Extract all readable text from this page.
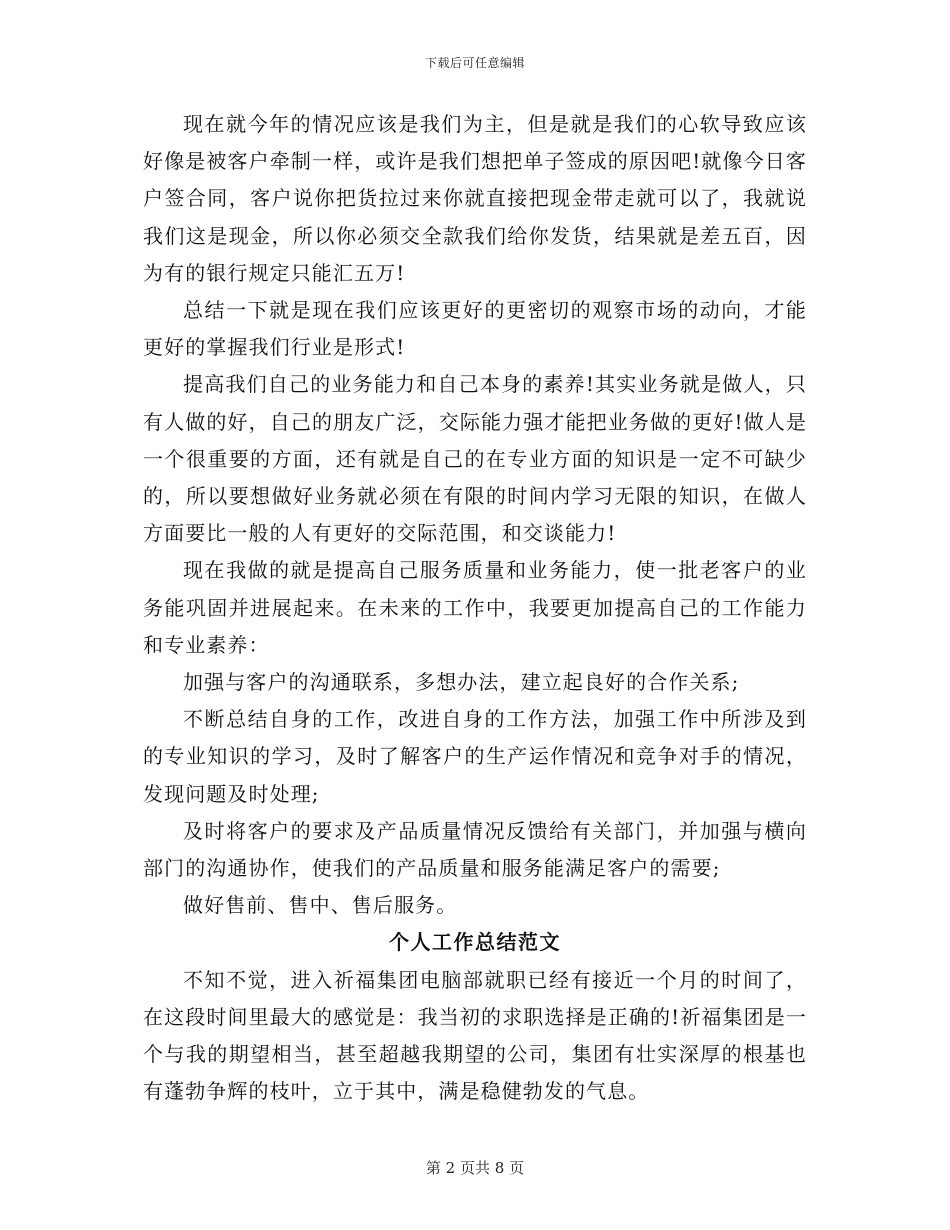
下载后可任意编辑

现在就今年的情况应该是我们为主，但是就是我们的心软导致应该好像是被客户牵制一样，或许是我们想把单子签成的原因吧!就像今日客户签合同，客户说你把货拉过来你就直接把现金带走就可以了，我就说我们这是现金，所以你必须交全款我们给你发货，结果就是差五百，因为有的银行规定只能汇五万!

总结一下就是现在我们应该更好的更密切的观察市场的动向，才能更好的掌握我们行业是形式!

提高我们自己的业务能力和自己本身的素养!其实业务就是做人，只有人做的好，自己的朋友广泛，交际能力强才能把业务做的更好!做人是一个很重要的方面，还有就是自己的在专业方面的知识是一定不可缺少的，所以要想做好业务就必须在有限的时间内学习无限的知识，在做人方面要比一般的人有更好的交际范围，和交谈能力!

现在我做的就是提高自己服务质量和业务能力，使一批老客户的业务能巩固并进展起来。在未来的工作中，我要更加提高自己的工作能力和专业素养：

加强与客户的沟通联系，多想办法，建立起良好的合作关系;

不断总结自身的工作，改进自身的工作方法，加强工作中所涉及到的专业知识的学习，及时了解客户的生产运作情况和竞争对手的情况，发现问题及时处理;

及时将客户的要求及产品质量情况反馈给有关部门，并加强与横向部门的沟通协作，使我们的产品质量和服务能满足客户的需要;

做好售前、售中、售后服务。

个人工作总结范文

不知不觉，进入祈福集团电脑部就职已经有接近一个月的时间了，在这段时间里最大的感觉是：我当初的求职选择是正确的!祈福集团是一个与我的期望相当，甚至超越我期望的公司，集团有壮实深厚的根基也有蓬勃争辉的枝叶，立于其中，满是稳健勃发的气息。

第 2 页共 8 页
